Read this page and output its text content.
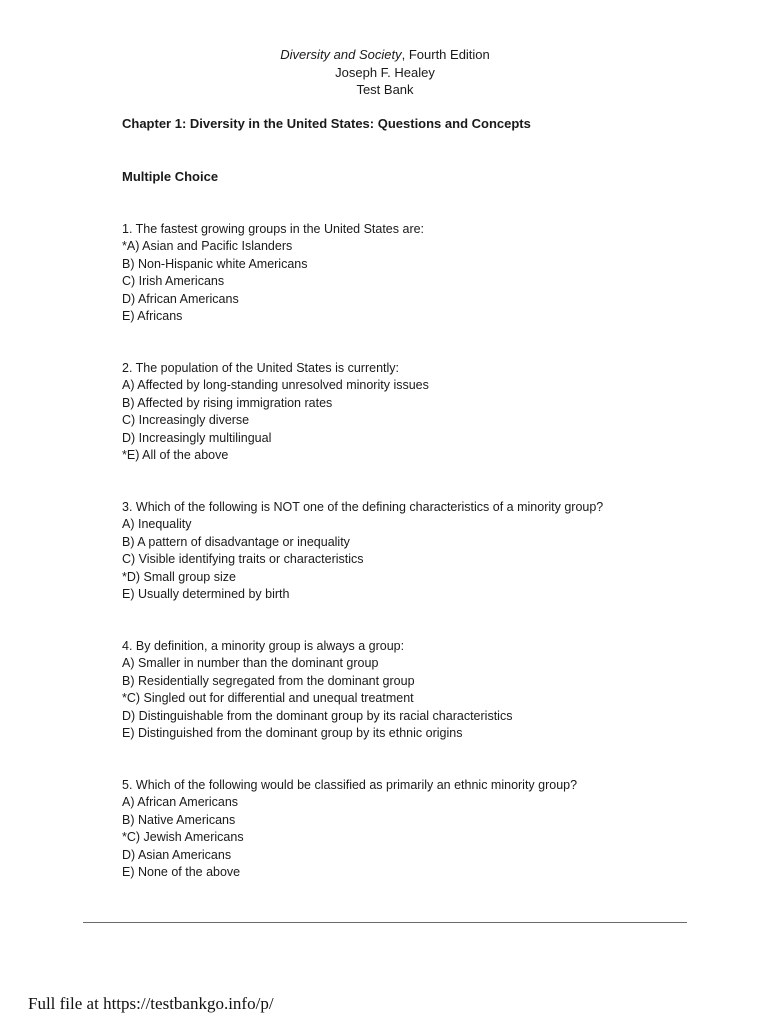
Diversity and Society, Fourth Edition
Joseph F. Healey
Test Bank
Chapter 1: Diversity in the United States: Questions and Concepts
Multiple Choice
1. The fastest growing groups in the United States are:
*A) Asian and Pacific Islanders
B) Non-Hispanic white Americans
C) Irish Americans
D) African Americans
E) Africans
2. The population of the United States is currently:
A) Affected by long-standing unresolved minority issues
B) Affected by rising immigration rates
C) Increasingly diverse
D) Increasingly multilingual
*E) All of the above
3. Which of the following is NOT one of the defining characteristics of a minority group?
A) Inequality
B) A pattern of disadvantage or inequality
C) Visible identifying traits or characteristics
*D) Small group size
E) Usually determined by birth
4. By definition, a minority group is always a group:
A) Smaller in number than the dominant group
B) Residentially segregated from the dominant group
*C) Singled out for differential and unequal treatment
D) Distinguishable from the dominant group by its racial characteristics
E) Distinguished from the dominant group by its ethnic origins
5. Which of the following would be classified as primarily an ethnic minority group?
A) African Americans
B) Native Americans
*C) Jewish Americans
D) Asian Americans
E) None of the above
Full file at https://testbankgo.info/p/
